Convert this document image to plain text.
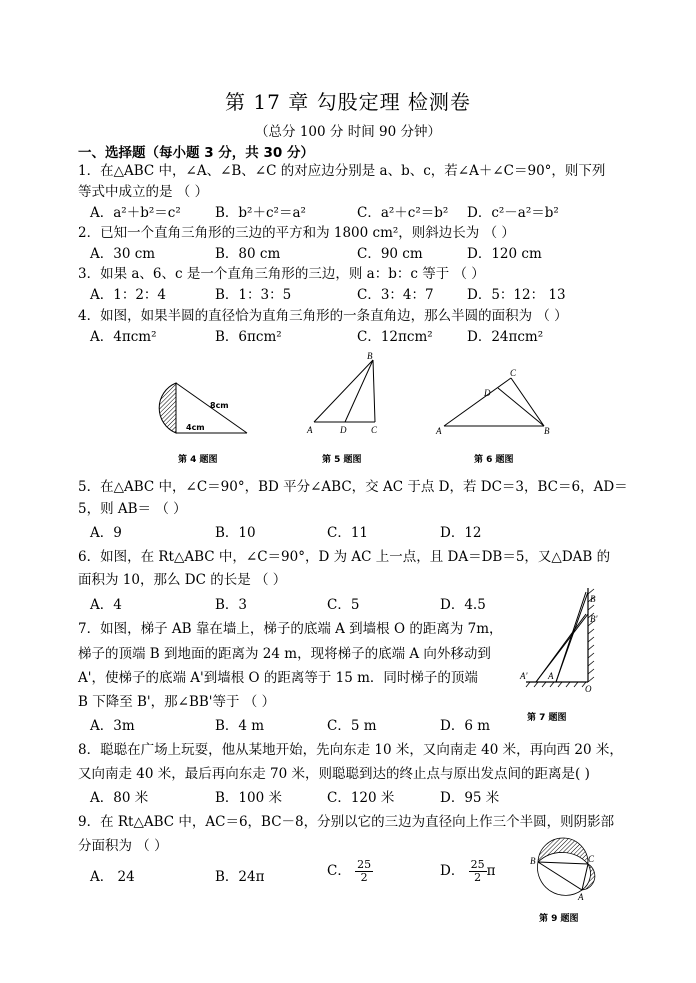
第 17 章 勾股定理 检测卷
（总分 100 分 时间 90 分钟）
一、选择题（每小题 3 分，共 30 分）
1．在△ABC 中，∠A、∠B、∠C 的对应边分别是 a、b、c，若∠A＋∠C＝90°，则下列
等式中成立的是 （ ）
A．a²＋b²＝c²	B．b²＋c²＝a²	C．a²＋c²＝b² D．c²－a²＝b²
2．已知一个直角三角形的三边的平方和为 1800 cm²，则斜边长为 （ ）
A．30 cm	B．80 cm	C．90 cm	D．120 cm
3．如果 a、6、c 是一个直角三角形的三边，则 a：b：c 等于 （ ）
A．1：2：4	B．1：3：5	C．3：4：7 D．5：12： 13
4．如图，如果半圆的直径恰为直角三角形的一条直角边，那么半圆的面积为 （ ）
A．4πcm²	B．6πcm²	C．12πcm²	D．24πcm²
8cm
4cm
第 4 题图
B
A	D	C
第 5 题图
C
D
A	B
第 6 题图
5．在△ABC 中，∠C＝90°，BD 平分∠ABC，交 AC 于点 D，若 DC＝3，BC＝6，AD＝
5，则 AB＝ （ ）
A．9	B．10	C．11	D．12
6．如图，在 Rt△ABC 中，∠C＝90°，D 为 AC 上一点，且 DA＝DB＝5，又△DAB 的
面积为 10，那么 DC 的长是 （ ）
A．4	B．3	C．5	D．4.5
7．如图，梯子 AB 靠在墙上，梯子的底端 A 到墙根 O 的距离为 7m，
梯子的顶端 B 到地面的距离为 24 m，现将梯子的底端 A 向外移动到
A'，使梯子的底端 A'到墙根 O 的距离等于 15 m．同时梯子的顶端
B 下降至 B'，那∠BB'等于 （ ）
A．3m	B．4 m	C．5 m	D．6 m
B
B'
A' A
O
第 7 题图
8．聪聪在广场上玩耍，他从某地开始，先向东走 10 米，又向南走 40 米，再向西 20 米，
又向南走 40 米，最后再向东走 70 米，则聪聪到达的终止点与原出发点间的距离是( )
A．80 米	B．100 米	C．120 米	D．95 米
9．在 Rt△ABC 中，AC＝6，BC－8，分别以它的三边为直径向上作三个半圆，则阴影部
分面积为 （ ）
A． 24	B．24π	C． $\frac{25}{2}$	D． $\frac{25}{2}$ π
B	C
A
第 9 题图
